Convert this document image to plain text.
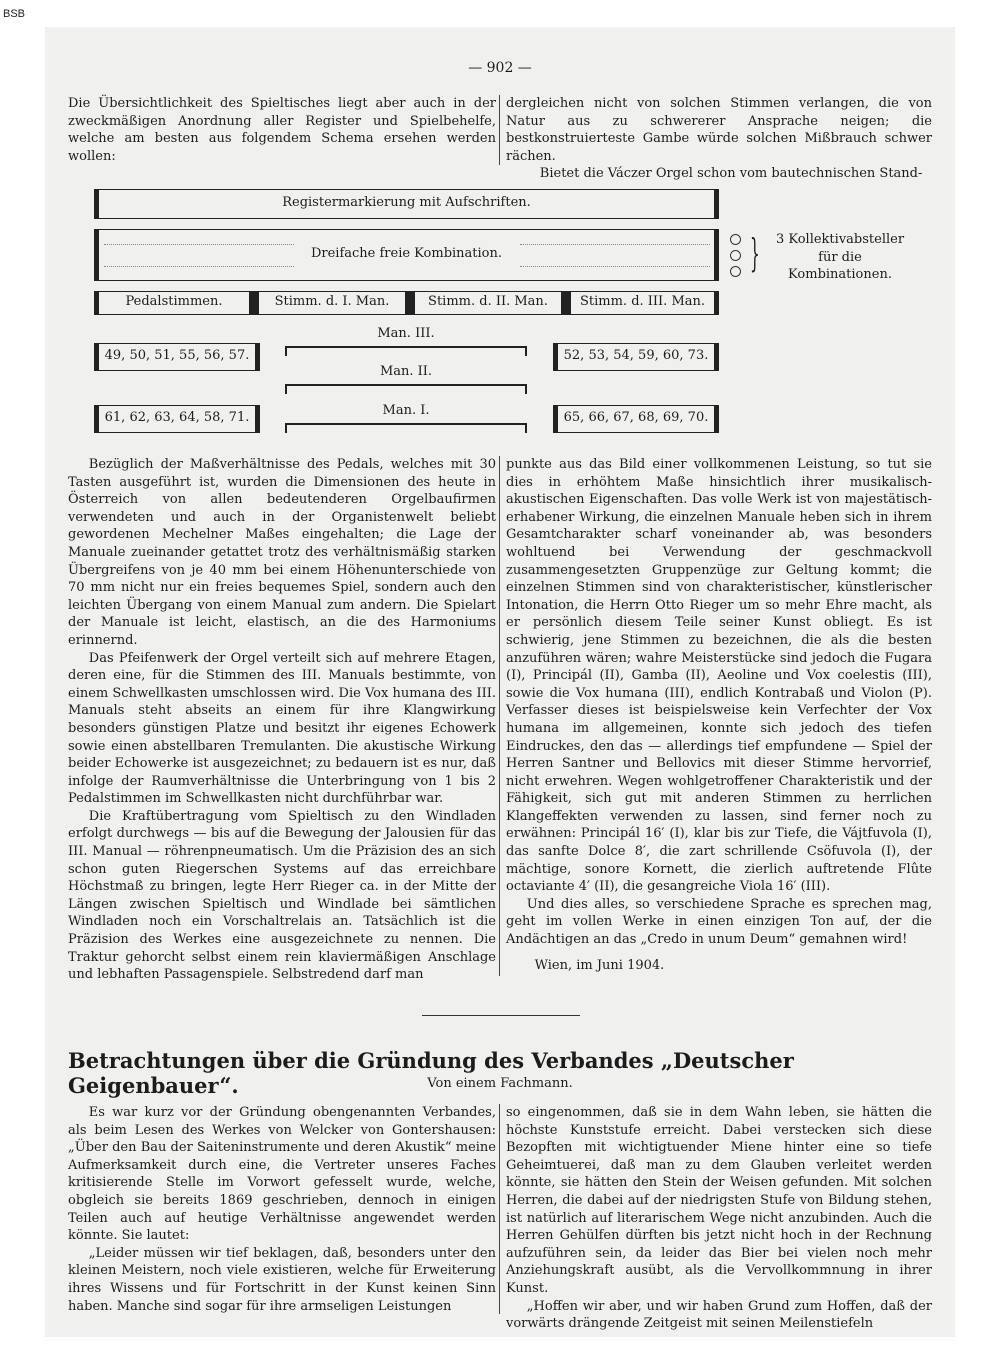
BSB
— 902 —

Die Übersichtlichkeit des Spieltisches liegt aber auch in der zweckmäßigen Anordnung aller Register und Spielbehelfe, welche am besten aus folgendem Schema ersehen werden wollen:

dergleichen nicht von solchen Stimmen verlangen, die von Natur aus zu schwererer Ansprache neigen; die bestkonstruierteste Gambe würde solchen Mißbrauch schwer rächen.

Bietet die Váczer Orgel schon vom bautechnischen Stand-

Registermarkierung mit Aufschriften.
Dreifache freie Kombination.	}	3 Kollektivabsteller
für die
Kombinationen.
Pedalstimmen.	Stimm. d. I. Man.	Stimm. d. II. Man.	Stimm. d. III. Man.
49, 50, 51, 55, 56, 57.
61, 62, 63, 64, 58, 71.
52, 53, 54, 59, 60, 73.
65, 66, 67, 68, 69, 70.
Man. III.
Man. II.
Man. I.

Bezüglich der Maßverhältnisse des Pedals, welches mit 30 Tasten ausgeführt ist, wurden die Dimensionen des heute in Österreich von allen bedeutenderen Orgelbaufirmen verwendeten und auch in der Organistenwelt beliebt gewordenen Mechelner Maßes eingehalten; die Lage der Manuale zueinander getattet trotz des verhältnismäßig starken Übergreifens von je 40 mm bei einem Höhenunterschiede von 70 mm nicht nur ein freies bequemes Spiel, sondern auch den leichten Übergang von einem Manual zum andern. Die Spielart der Manuale ist leicht, elastisch, an die des Harmoniums erinnernd.

Das Pfeifenwerk der Orgel verteilt sich auf mehrere Etagen, deren eine, für die Stimmen des III. Manuals bestimmte, von einem Schwellkasten umschlossen wird. Die Vox humana des III. Manuals steht abseits an einem für ihre Klangwirkung besonders günstigen Platze und besitzt ihr eigenes Echowerk sowie einen abstellbaren Tremulanten. Die akustische Wirkung beider Echowerke ist ausgezeichnet; zu bedauern ist es nur, daß infolge der Raumverhältnisse die Unterbringung von 1 bis 2 Pedalstimmen im Schwellkasten nicht durchführbar war.

Die Kraftübertragung vom Spieltisch zu den Windladen erfolgt durchwegs — bis auf die Bewegung der Jalousien für das III. Manual — röhrenpneumatisch. Um die Präzision des an sich schon guten Riegerschen Systems auf das erreichbare Höchstmaß zu bringen, legte Herr Rieger ca. in der Mitte der Längen zwischen Spieltisch und Windlade bei sämtlichen Windladen noch ein Vorschaltrelais an. Tatsächlich ist die Präzision des Werkes eine ausgezeichnete zu nennen. Die Traktur gehorcht selbst einem rein klaviermäßigen Anschlage und lebhaften Passagenspiele. Selbstredend darf man

punkte aus das Bild einer vollkommenen Leistung, so tut sie dies in erhöhtem Maße hinsichtlich ihrer musikalisch-akustischen Eigenschaften. Das volle Werk ist von majestätisch-erhabener Wirkung, die einzelnen Manuale heben sich in ihrem Gesamtcharakter scharf voneinander ab, was besonders wohltuend bei Verwendung der geschmackvoll zusammengesetzten Gruppenzüge zur Geltung kommt; die einzelnen Stimmen sind von charakteristischer, künstlerischer Intonation, die Herrn Otto Rieger um so mehr Ehre macht, als er persönlich diesem Teile seiner Kunst obliegt. Es ist schwierig, jene Stimmen zu bezeichnen, die als die besten anzuführen wären; wahre Meisterstücke sind jedoch die Fugara (I), Principál (II), Gamba (II), Aeoline und Vox coelestis (III), sowie die Vox humana (III), endlich Kontrabaß und Violon (P). Verfasser dieses ist beispielsweise kein Verfechter der Vox humana im allgemeinen, konnte sich jedoch des tiefen Eindruckes, den das — allerdings tief empfundene — Spiel der Herren Santner und Bellovics mit dieser Stimme hervorrief, nicht erwehren. Wegen wohlgetroffener Charakteristik und der Fähigkeit, sich gut mit anderen Stimmen zu herrlichen Klangeffekten verwenden zu lassen, sind ferner noch zu erwähnen: Principál 16′ (I), klar bis zur Tiefe, die Vájtfuvola (I), das sanfte Dolce 8′, die zart schrillende Csöfuvola (I), der mächtige, sonore Kornett, die zierlich auftretende Flûte octaviante 4′ (II), die gesangreiche Viola 16′ (III).

Und dies alles, so verschiedene Sprache es sprechen mag, geht im vollen Werke in einen einzigen Ton auf, der die Andächtigen an das „Credo in unum Deum“ gemahnen wird!

Wien, im Juni 1904.

Betrachtungen über die Gründung des Verbandes „Deutscher Geigenbauer“.	Von einem Fachmann.

Es war kurz vor der Gründung obengenannten Verbandes, als beim Lesen des Werkes von Welcker von Gontershausen: „Über den Bau der Saiteninstrumente und deren Akustik“ meine Aufmerksamkeit durch eine, die Vertreter unseres Faches kritisierende Stelle im Vorwort gefesselt wurde, welche, obgleich sie bereits 1869 geschrieben, dennoch in einigen Teilen auch auf heutige Verhältnisse angewendet werden könnte. Sie lautet:

„Leider müssen wir tief beklagen, daß, besonders unter den kleinen Meistern, noch viele existieren, welche für Erweiterung ihres Wissens und für Fortschritt in der Kunst keinen Sinn haben. Manche sind sogar für ihre armseligen Leistungen

so eingenommen, daß sie in dem Wahn leben, sie hätten die höchste Kunststufe erreicht. Dabei verstecken sich diese Bezopften mit wichtigtuender Miene hinter eine so tiefe Geheimtuerei, daß man zu dem Glauben verleitet werden könnte, sie hätten den Stein der Weisen gefunden. Mit solchen Herren, die dabei auf der niedrigsten Stufe von Bildung stehen, ist natürlich auf literarischem Wege nicht anzubinden. Auch die Herren Gehülfen dürften bis jetzt nicht hoch in der Rechnung aufzuführen sein, da leider das Bier bei vielen noch mehr Anziehungskraft ausübt, als die Vervollkommnung in ihrer Kunst.

„Hoffen wir aber, und wir haben Grund zum Hoffen, daß der vorwärts drängende Zeitgeist mit seinen Meilenstiefeln
